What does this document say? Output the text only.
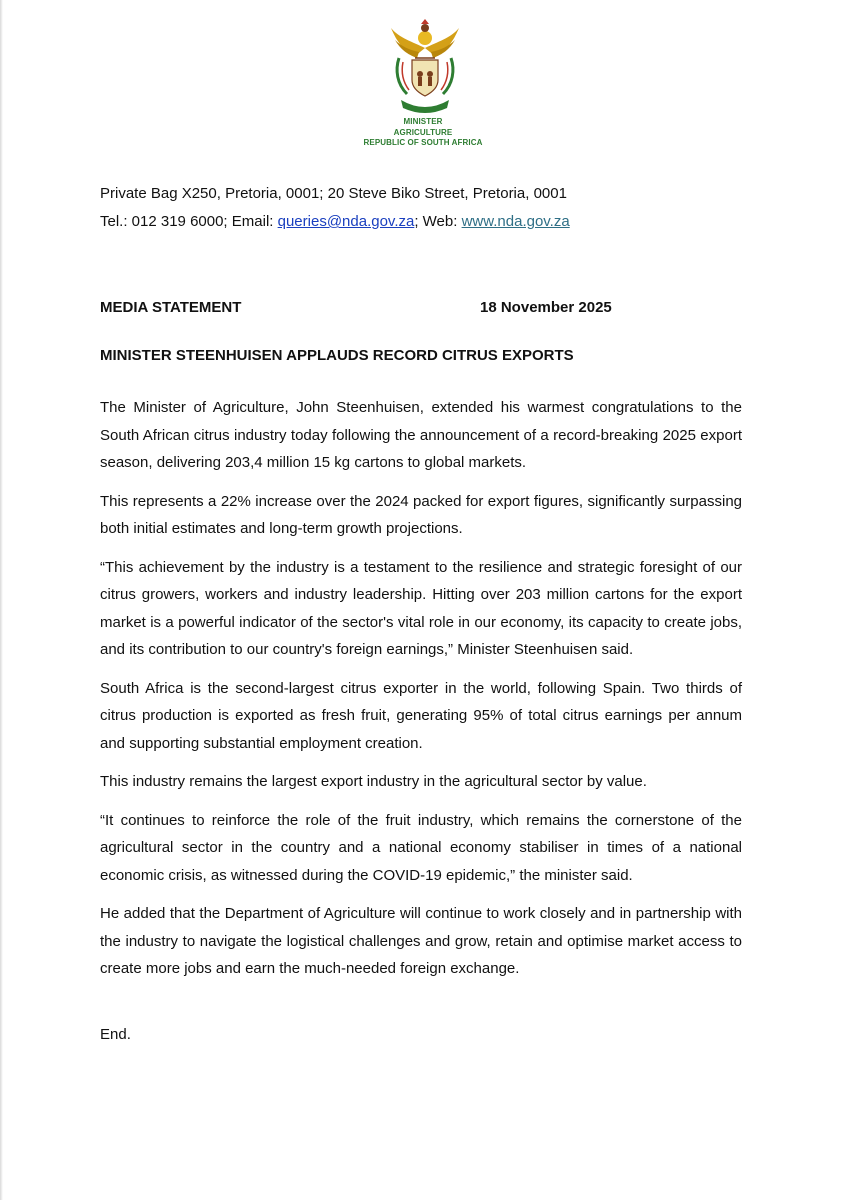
MINISTER
AGRICULTURE
REPUBLIC OF SOUTH AFRICA
Private Bag X250, Pretoria, 0001; 20 Steve Biko Street, Pretoria, 0001
Tel.: 012 319 6000; Email: queries@nda.gov.za; Web: www.nda.gov.za
MEDIA STATEMENT	18 November 2025
MINISTER STEENHUISEN APPLAUDS RECORD CITRUS EXPORTS

The Minister of Agriculture, John Steenhuisen, extended his warmest congratulations to the South African citrus industry today following the announcement of a record-breaking 2025 export season, delivering 203,4 million 15 kg cartons to global markets.

This represents a 22% increase over the 2024 packed for export figures, significantly surpassing both initial estimates and long-term growth projections.

“This achievement by the industry is a testament to the resilience and strategic foresight of our citrus growers, workers and industry leadership. Hitting over 203 million cartons for the export market is a powerful indicator of the sector's vital role in our economy, its capacity to create jobs, and its contribution to our country's foreign earnings,” Minister Steenhuisen said.

South Africa is the second-largest citrus exporter in the world, following Spain. Two thirds of citrus production is exported as fresh fruit, generating 95% of total citrus earnings per annum and supporting substantial employment creation.

This industry remains the largest export industry in the agricultural sector by value.

“It continues to reinforce the role of the fruit industry, which remains the cornerstone of the agricultural sector in the country and a national economy stabiliser in times of a national economic crisis, as witnessed during the COVID-19 epidemic,” the minister said.

He added that the Department of Agriculture will continue to work closely and in partnership with the industry to navigate the logistical challenges and grow, retain and optimise market access to create more jobs and earn the much-needed foreign exchange.

End.
